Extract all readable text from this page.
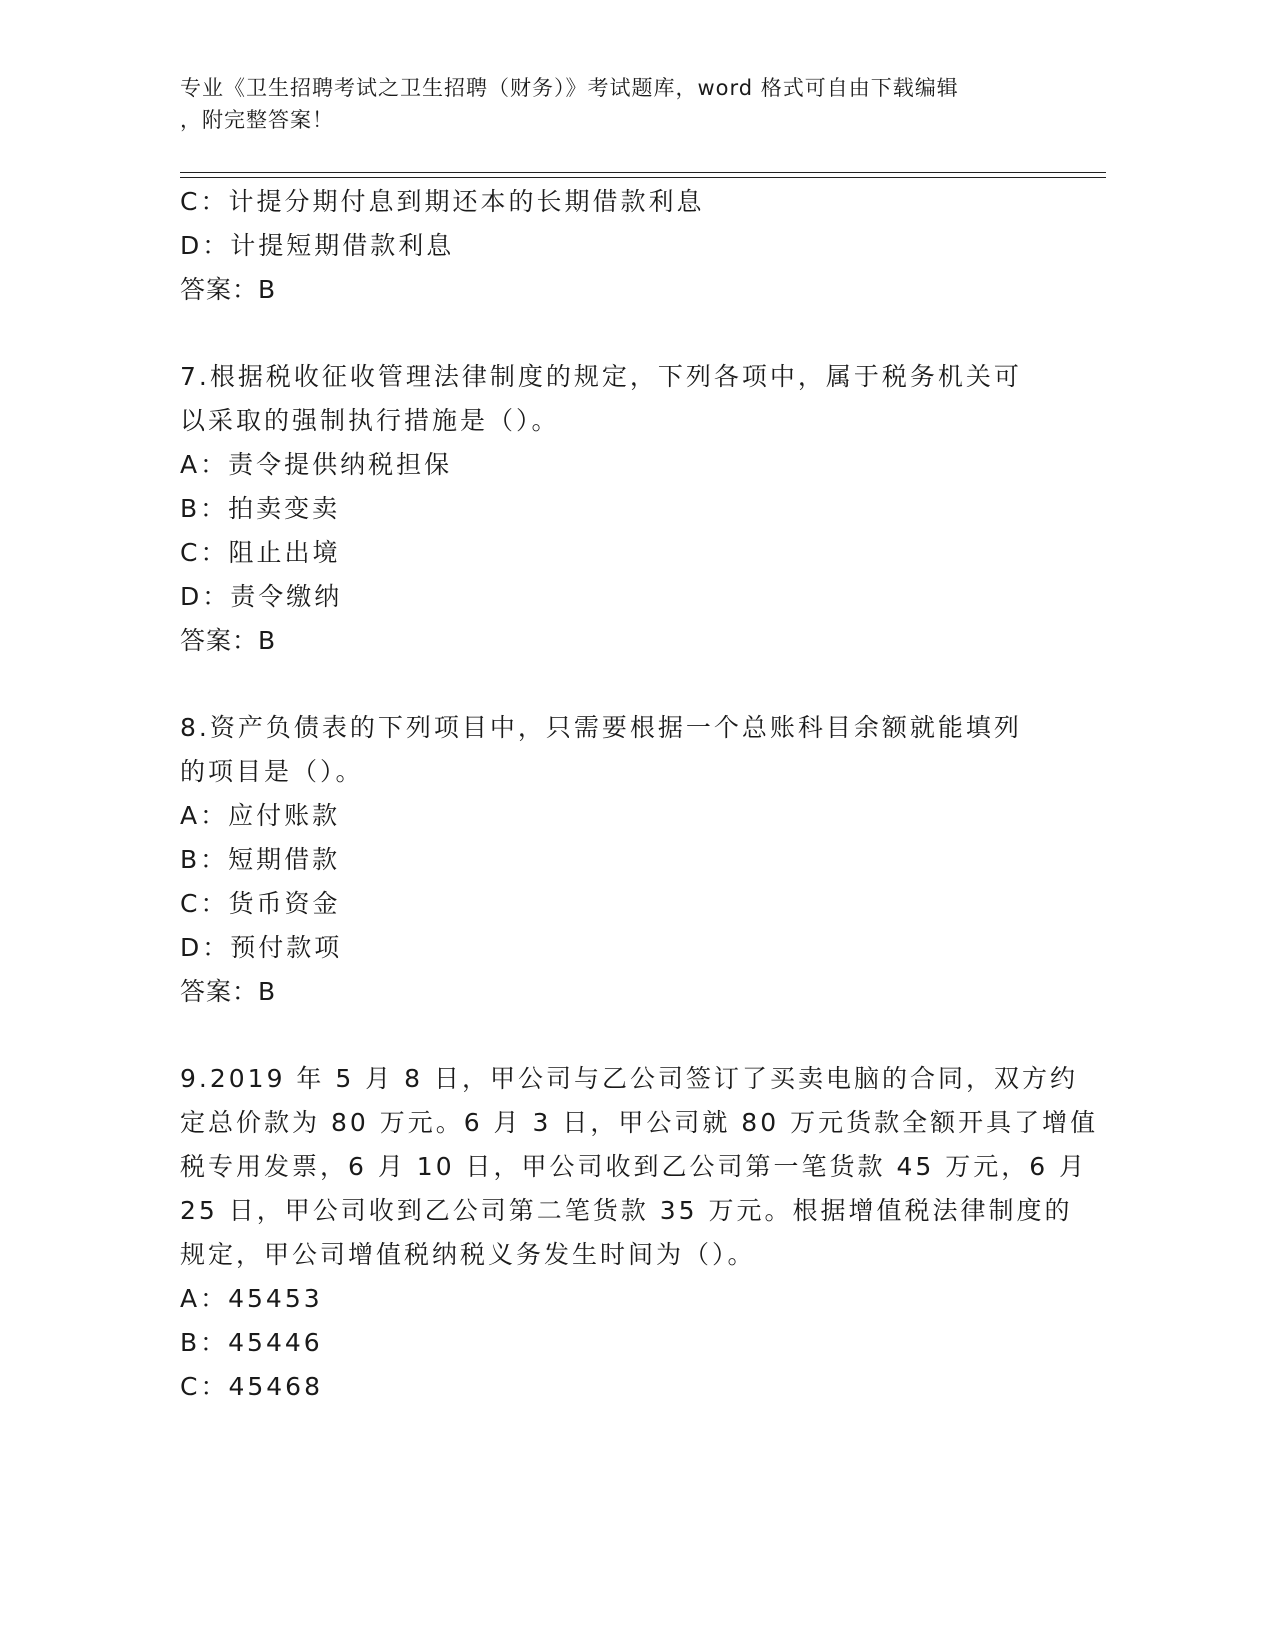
专业《卫生招聘考试之卫生招聘（财务）》考试题库，word 格式可自由下载编辑
，附完整答案！
C：计提分期付息到期还本的长期借款利息
D：计提短期借款利息
答案：B
7.根据税收征收管理法律制度的规定，下列各项中，属于税务机关可
以采取的强制执行措施是（）。
A：责令提供纳税担保
B：拍卖变卖
C：阻止出境
D：责令缴纳
答案：B
8.资产负债表的下列项目中，只需要根据一个总账科目余额就能填列
的项目是（）。
A：应付账款
B：短期借款
C：货币资金
D：预付款项
答案：B
9.2019 年 5 月 8 日，甲公司与乙公司签订了买卖电脑的合同，双方约
定总价款为 80 万元。6 月 3 日，甲公司就 80 万元货款全额开具了增值
税专用发票，6 月 10 日，甲公司收到乙公司第一笔货款 45 万元，6 月
25 日，甲公司收到乙公司第二笔货款 35 万元。根据增值税法律制度的
规定，甲公司增值税纳税义务发生时间为（）。
A：45453
B：45446
C：45468
